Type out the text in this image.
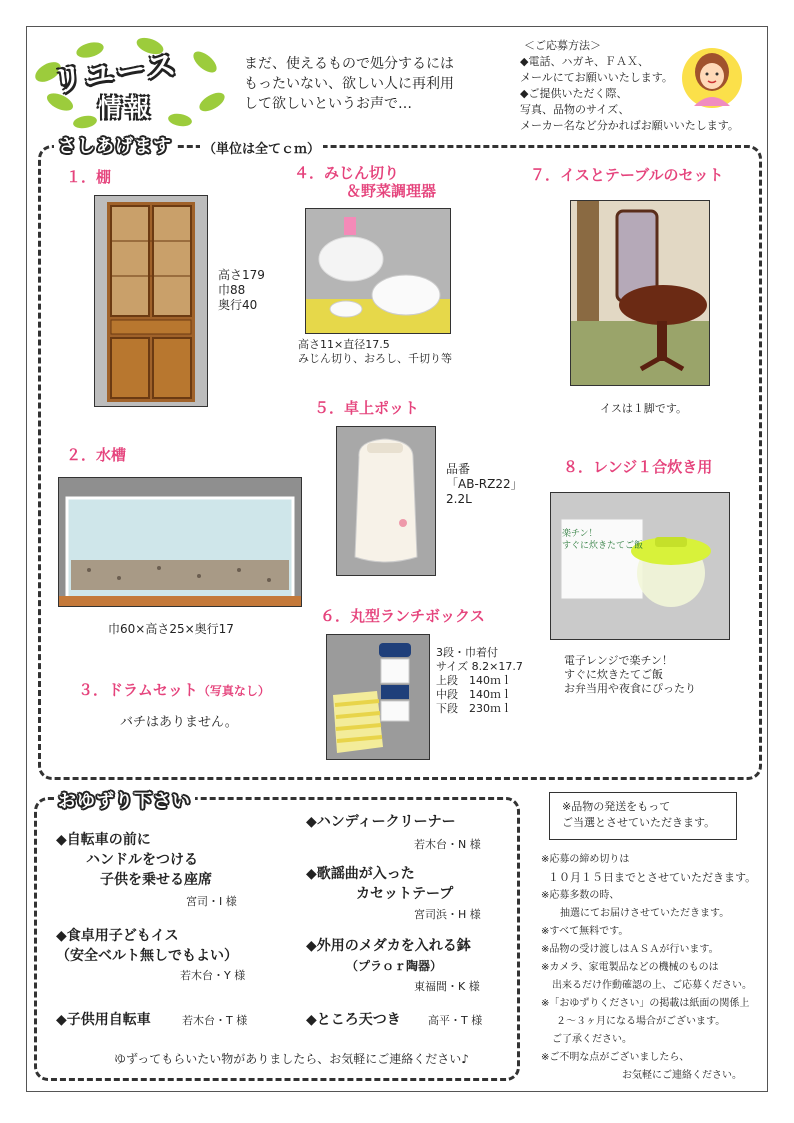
リユース
情報
まだ、使えるもので処分するには
もったいない、欲しい人に再利用
して欲しいというお声で…
＜ご応募方法＞
◆電話、ハガキ、ＦＡＸ、
メールにてお願いいたします。
◆ご提供いただく際、
写真、品物のサイズ、
メーカー名など分かればお願いいたします。
さしあげます	（単位は全てｃｍ）
１．棚
高さ179
巾88
奥行40
２．水槽
巾60×高さ25×奥行17
３．ドラムセット（写真なし）
バチはありません。
４．みじん切り
＆野菜調理器
高さ11×直径17.5
みじん切り、おろし、千切り等
５．卓上ポット
品番
「AB-RZ22」
2.2L
６．丸型ランチボックス
3段・巾着付
サイズ 8.2×17.7
上段　140ｍｌ
中段　140ｍｌ
下段　230ｍｌ
７．イスとテーブルのセット
イスは１脚です。
８．レンジ１合炊き用
楽チン！
すぐに炊きたてご飯
電子レンジで楽チン！
すぐに炊きたてご飯
お弁当用や夜食にぴったり
おゆずり下さい
◆自転車の前に
ハンドルをつける
子供を乗せる座席
宮司・I 様
◆食卓用子どもイス
（安全ベルト無しでもよい）
若木台・Y 様
◆子供用自転車	若木台・T 様
◆ハンディークリーナー
若木台・N 様
◆歌謡曲が入った
カセットテープ
宮司浜・H 様
◆外用のメダカを入れる鉢
（プラｏｒ陶器）
東福間・K 様
◆ところ天つき 高平・T 様
ゆずってもらいたい物がありましたら、お気軽にご連絡ください♪
※品物の発送をもって
ご当選とさせていただきます。
※応募の締め切りは
１０月１５日までとさせていただきます。
※応募多数の時、
抽選にてお届けさせていただきます。
※すべて無料です。
※品物の受け渡しはＡＳＡが行います。
※カメラ、家電製品などの機械のものは
出来るだけ作動確認の上、ご応募ください。
※「おゆずりください」の掲載は紙面の関係上
２～３ヶ月になる場合がございます。
ご了承ください。
※ご不明な点がございましたら、
お気軽にご連絡ください。
